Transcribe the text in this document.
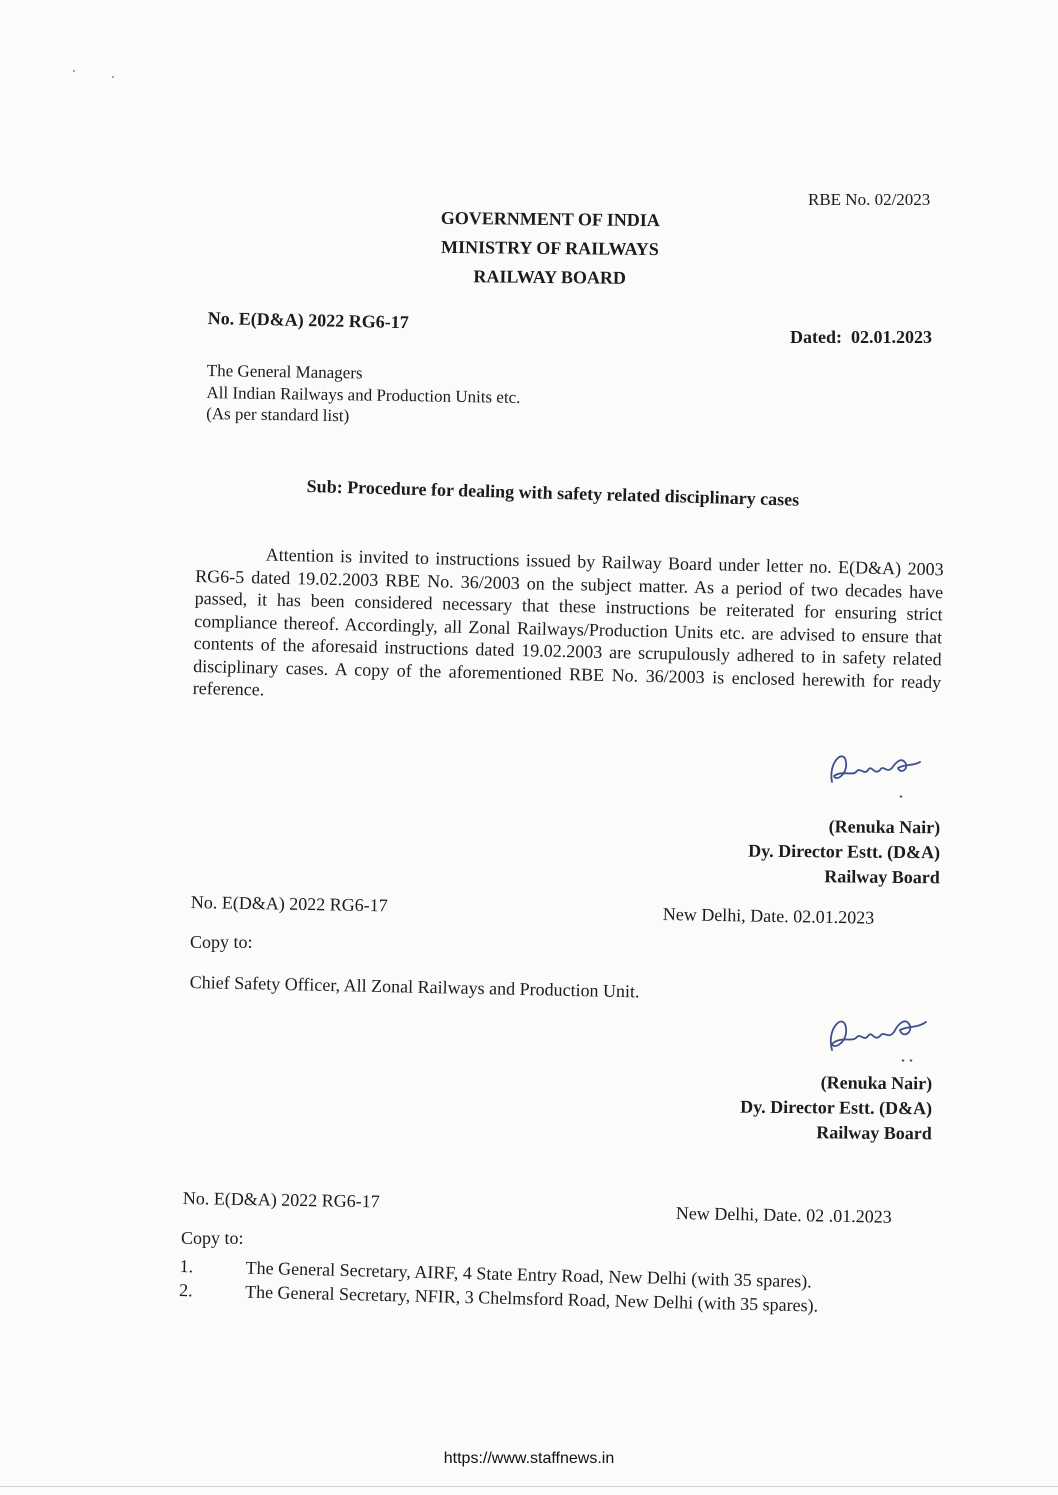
RBE No. 02/2023
GOVERNMENT OF INDIA
MINISTRY OF RAILWAYS
RAILWAY BOARD
No. E(D&A) 2022 RG6-17
Dated: 02.01.2023
The General Managers
All Indian Railways and Production Units etc.
(As per standard list)
Sub: Procedure for dealing with safety related disciplinary cases
Attention is invited to instructions issued by Railway Board under letter no. E(D&A) 2003 RG6-5 dated 19.02.2003 RBE No. 36/2003 on the subject matter. As a period of two decades have passed, it has been considered necessary that these instructions be reiterated for ensuring strict compliance thereof. Accordingly, all Zonal Railways/Production Units etc. are advised to ensure that contents of the aforesaid instructions dated 19.02.2003 are scrupulously adhered to in safety related disciplinary cases. A copy of the aforementioned RBE No. 36/2003 is enclosed herewith for ready reference.
(Renuka Nair)
Dy. Director Estt. (D&A)
Railway Board
No. E(D&A) 2022 RG6-17
New Delhi, Date. 02.01.2023
Copy to:
Chief Safety Officer, All Zonal Railways and Production Unit.
(Renuka Nair)
Dy. Director Estt. (D&A)
Railway Board
No. E(D&A) 2022 RG6-17
New Delhi, Date. 02 .01.2023
Copy to:
1.	The General Secretary, AIRF, 4 State Entry Road, New Delhi (with 35 spares).
2.	The General Secretary, NFIR, 3 Chelmsford Road, New Delhi (with 35 spares).
https://www.staffnews.in
